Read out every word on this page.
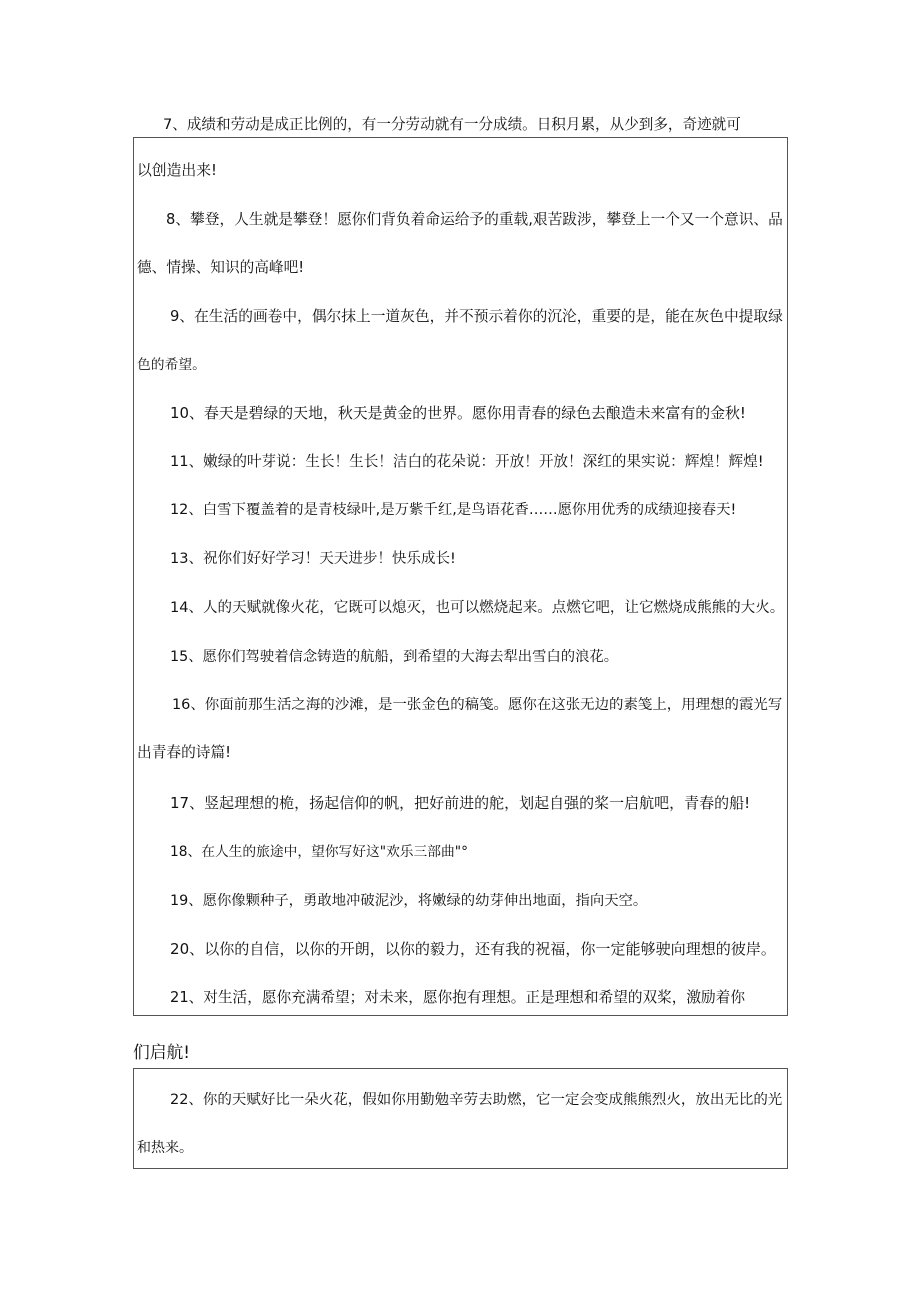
7、成绩和劳动是成正比例的，有一分劳动就有一分成绩。日积月累，从少到多，奇迹就可
以创造出来!
8、攀登，人生就是攀登！愿你们背负着命运给予的重载,艰苦跋涉，攀登上一个又一个意识、品
德、情操、知识的高峰吧!
9、在生活的画卷中，偶尔抹上一道灰色，并不预示着你的沉沦，重要的是，能在灰色中提取绿
色的希望。
10、春天是碧绿的天地，秋天是黄金的世界。愿你用青春的绿色去酿造未来富有的金秋!
11、嫩绿的叶芽说：生长！生长！洁白的花朵说：开放！开放！深红的果实说：辉煌！辉煌!
12、白雪下覆盖着的是青枝绿叶,是万紫千红,是鸟语花香……愿你用优秀的成绩迎接春天!
13、祝你们好好学习！天天进步！快乐成长!
14、人的天赋就像火花，它既可以熄灭，也可以燃烧起来。点燃它吧，让它燃烧成熊熊的大火。
15、愿你们驾驶着信念铸造的航船，到希望的大海去犁出雪白的浪花。
16、你面前那生活之海的沙滩，是一张金色的稿笺。愿你在这张无边的素笺上，用理想的霞光写
出青春的诗篇!
17、竖起理想的桅，扬起信仰的帆，把好前进的舵，划起自强的桨一启航吧，青春的船!
18、在人生的旅途中，望你写好这"欢乐三部曲"°
19、愿你像颗种子，勇敢地冲破泥沙，将嫩绿的幼芽伸出地面，指向天空。
20、以你的自信，以你的开朗，以你的毅力，还有我的祝福，你一定能够驶向理想的彼岸。
21、对生活，愿你充满希望；对未来，愿你抱有理想。正是理想和希望的双桨，激励着你
们启航!
22、你的天赋好比一朵火花，假如你用勤勉辛劳去助燃，它一定会变成熊熊烈火，放出无比的光
和热来。
